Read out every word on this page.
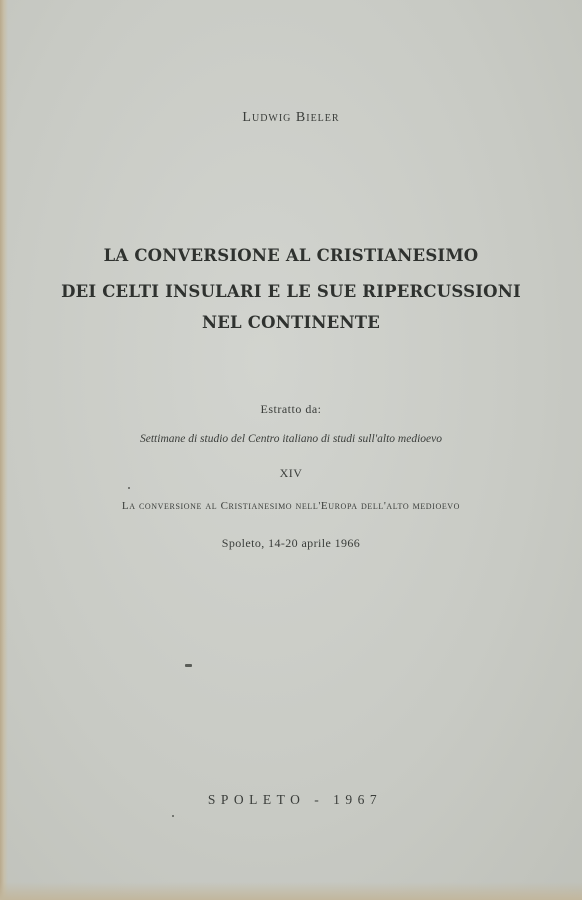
Ludwig Bieler
LA CONVERSIONE AL CRISTIANESIMO
DEI CELTI INSULARI E LE SUE RIPERCUSSIONI
NEL CONTINENTE
Estratto da:
Settimane di studio del Centro italiano di studi sull'alto medioevo
XIV
La conversione al Cristianesimo nell'Europa dell'alto medioevo
Spoleto, 14-20 aprile 1966
SPOLETO - 1967
